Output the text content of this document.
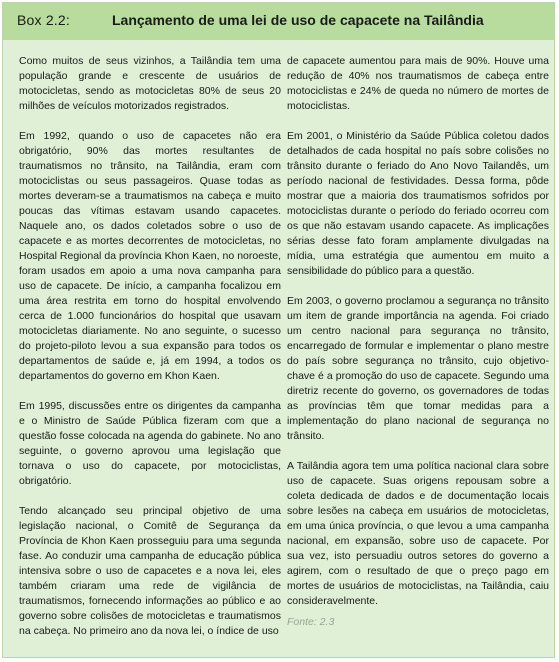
Box 2.2:	Lançamento de uma lei de uso de capacete na Tailândia

Como muitos de seus vizinhos, a Tailândia tem uma população grande e crescente de usuários de motocicletas, sendo as motocicletas 80% de seus 20 milhões de veículos motorizados registrados.

Em 1992, quando o uso de capacetes não era obrigatório, 90% das mortes resultantes de traumatismos no trânsito, na Tailândia, eram com motociclistas ou seus passageiros. Quase todas as mortes deveram-se a traumatismos na cabeça e muito poucas das vítimas estavam usando capacetes. Naquele ano, os dados coletados sobre o uso de capacete e as mortes decorrentes de motocicletas, no Hospital Regional da província Khon Kaen, no noroeste, foram usados em apoio a uma nova campanha para uso de capacete. De início, a campanha focalizou em uma área restrita em torno do hospital envolvendo cerca de 1.000 funcionários do hospital que usavam motocicletas diariamente. No ano seguinte, o sucesso do projeto-piloto levou a sua expansão para todos os departamentos de saúde e, já em 1994, a todos os departamentos do governo em Khon Kaen.

Em 1995, discussões entre os dirigentes da campanha e o Ministro de Saúde Pública fizeram com que a questão fosse colocada na agenda do gabinete. No ano seguinte, o governo aprovou uma legislação que tornava o uso do capacete, por motociclistas, obrigatório.

Tendo alcançado seu principal objetivo de uma legislação nacional, o Comitê de Segurança da Província de Khon Kaen prosseguiu para uma segunda fase. Ao conduzir uma campanha de educação pública intensiva sobre o uso de capacetes e a nova lei, eles também criaram uma rede de vigilância de traumatismos, fornecendo informações ao público e ao governo sobre colisões de motocicletas e traumatismos na cabeça. No primeiro ano da nova lei, o índice de uso

de capacete aumentou para mais de 90%. Houve uma redução de 40% nos traumatismos de cabeça entre motociclistas e 24% de queda no número de mortes de motociclistas.

Em 2001, o Ministério da Saúde Pública coletou dados detalhados de cada hospital no país sobre colisões no trânsito durante o feriado do Ano Novo Tailandês, um período nacional de festividades. Dessa forma, pôde mostrar que a maioria dos traumatismos sofridos por motociclistas durante o período do feriado ocorreu com os que não estavam usando capacete. As implicações sérias desse fato foram amplamente divulgadas na mídia, uma estratégia que aumentou em muito a sensibilidade do público para a questão.

Em 2003, o governo proclamou a segurança no trânsito um item de grande importância na agenda. Foi criado um centro nacional para segurança no trânsito, encarregado de formular e implementar o plano mestre do país sobre segurança no trânsito, cujo objetivo-chave é a promoção do uso de capacete. Segundo uma diretriz recente do governo, os governadores de todas as províncias têm que tomar medidas para a implementação do plano nacional de segurança no trânsito.

A Tailândia agora tem uma política nacional clara sobre uso de capacete. Suas origens repousam sobre a coleta dedicada de dados e de documentação locais sobre lesões na cabeça em usuários de motocicletas, em uma única província, o que levou a uma campanha nacional, em expansão, sobre uso de capacete. Por sua vez, isto persuadiu outros setores do governo a agirem, com o resultado de que o preço pago em mortes de usuários de motociclistas, na Tailândia, caiu consideravelmente.

Fonte: 2.3
